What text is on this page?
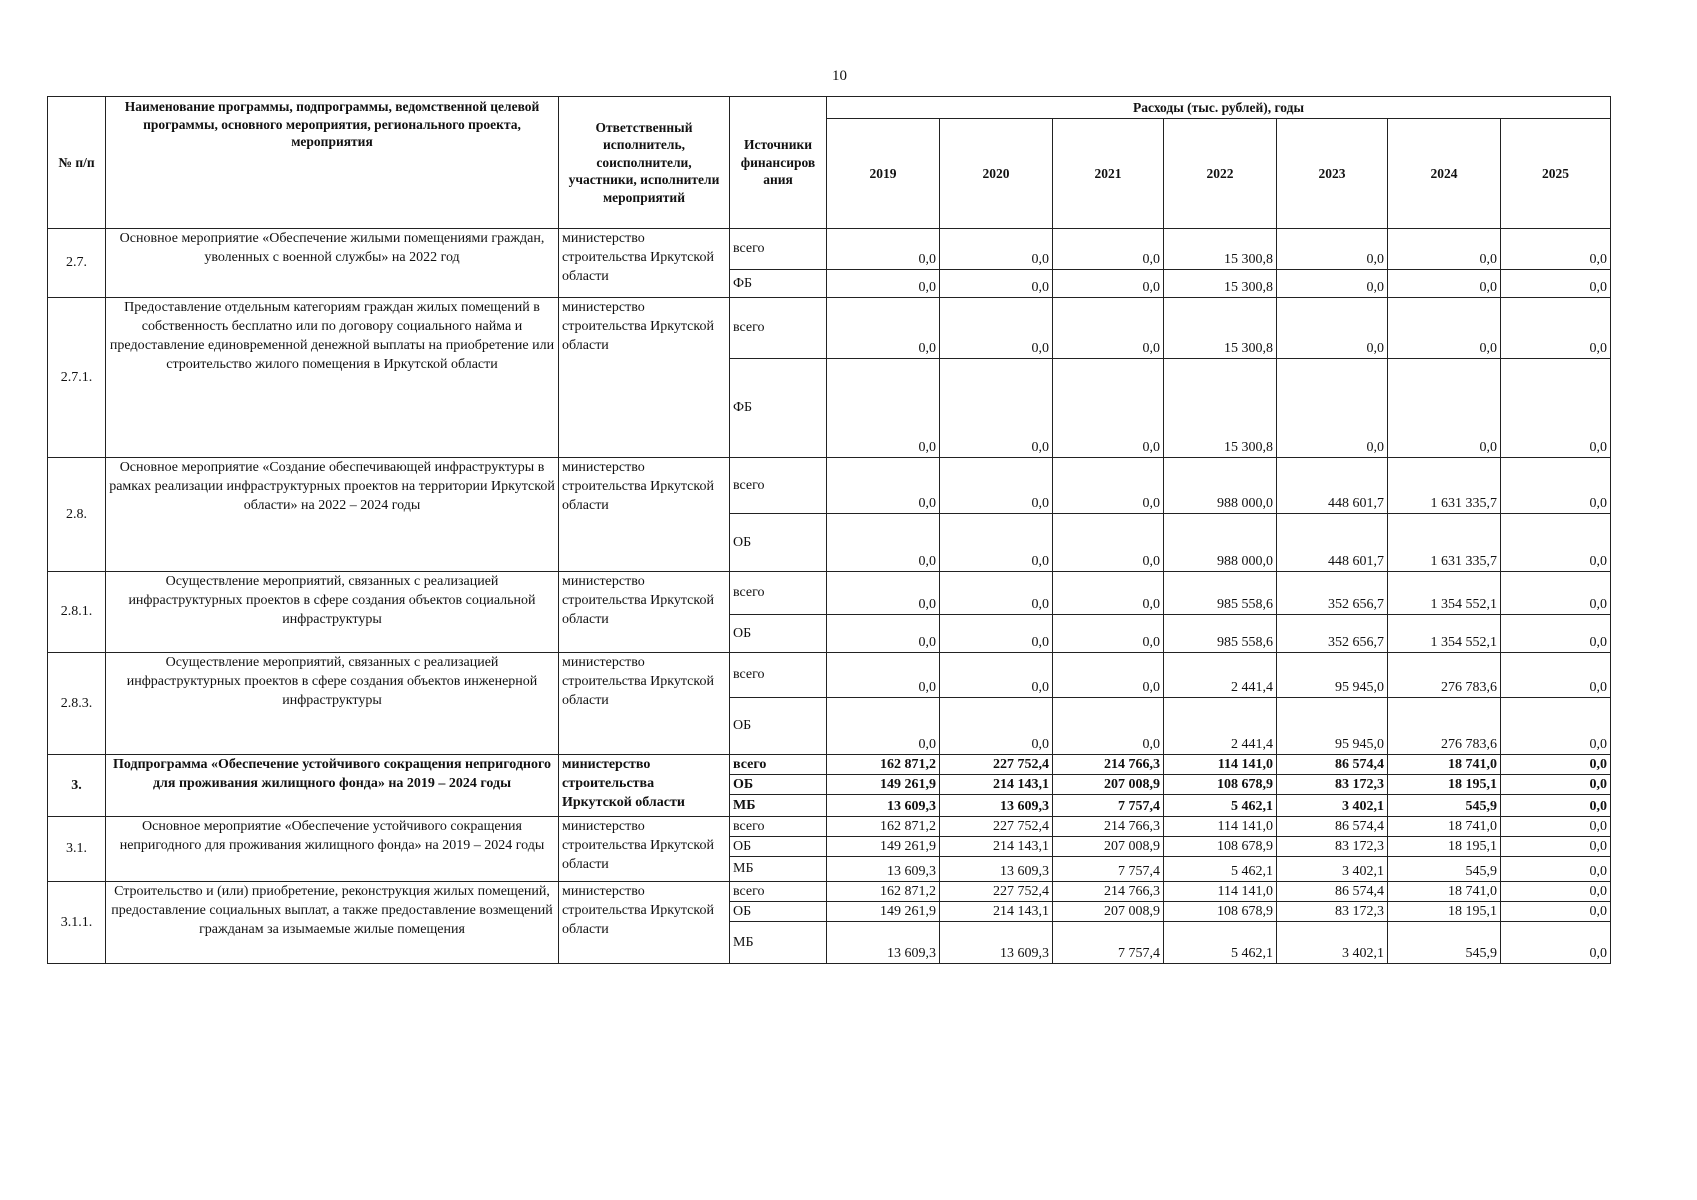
10
№ п/п	Наименование программы, подпрограммы, ведомственной целевой программы, основного мероприятия, регионального проекта, мероприятия	Ответственный исполнитель, соисполнители, участники, исполнители мероприятий	Источники финансиров ания	Расходы (тыс. рублей), годы						
				2019	2020	2021	2022	2023	2024	2025
2.7.	Основное мероприятие «Обеспечение жилыми помещениями граждан, уволенных с военной службы» на 2022 год	министерство строительства Иркутской области	всего	0,0	0,0	0,0	15 300,8	0,0	0,0	0,0
			ФБ	0,0	0,0	0,0	15 300,8	0,0	0,0	0,0
2.7.1.	Предоставление отдельным категориям граждан жилых помещений в собственность бесплатно или по договору социального найма и предоставление единовременной денежной выплаты на приобретение или строительство жилого помещения в Иркутской области	министерство строительства Иркутской области	всего	0,0	0,0	0,0	15 300,8	0,0	0,0	0,0
			ФБ	0,0	0,0	0,0	15 300,8	0,0	0,0	0,0
2.8.	Основное мероприятие «Создание обеспечивающей инфраструктуры в рамках реализации инфраструктурных проектов на территории Иркутской области» на 2022 – 2024 годы	министерство строительства Иркутской области	всего	0,0	0,0	0,0	988 000,0	448 601,7	1 631 335,7	0,0
			ОБ	0,0	0,0	0,0	988 000,0	448 601,7	1 631 335,7	0,0
2.8.1.	Осуществление мероприятий, связанных с реализацией инфраструктурных проектов в сфере создания объектов социальной инфраструктуры	министерство строительства Иркутской области	всего	0,0	0,0	0,0	985 558,6	352 656,7	1 354 552,1	0,0
			ОБ	0,0	0,0	0,0	985 558,6	352 656,7	1 354 552,1	0,0
2.8.3.	Осуществление мероприятий, связанных с реализацией инфраструктурных проектов в сфере создания объектов инженерной инфраструктуры	министерство строительства Иркутской области	всего	0,0	0,0	0,0	2 441,4	95 945,0	276 783,6	0,0
			ОБ	0,0	0,0	0,0	2 441,4	95 945,0	276 783,6	0,0
3.	Подпрограмма «Обеспечение устойчивого сокращения непригодного для проживания жилищного фонда» на 2019 – 2024 годы	министерство строительства Иркутской области	всего	162 871,2	227 752,4	214 766,3	114 141,0	86 574,4	18 741,0	0,0
			ОБ	149 261,9	214 143,1	207 008,9	108 678,9	83 172,3	18 195,1	0,0
			МБ	13 609,3	13 609,3	7 757,4	5 462,1	3 402,1	545,9	0,0
3.1.	Основное мероприятие «Обеспечение устойчивого сокращения непригодного для проживания жилищного фонда» на 2019 – 2024 годы	министерство строительства Иркутской области	всего	162 871,2	227 752,4	214 766,3	114 141,0	86 574,4	18 741,0	0,0
			ОБ	149 261,9	214 143,1	207 008,9	108 678,9	83 172,3	18 195,1	0,0
			МБ	13 609,3	13 609,3	7 757,4	5 462,1	3 402,1	545,9	0,0
3.1.1.	Строительство и (или) приобретение, реконструкция жилых помещений, предоставление социальных выплат, а также предоставление возмещений гражданам за изымаемые жилые помещения	министерство строительства Иркутской области	всего	162 871,2	227 752,4	214 766,3	114 141,0	86 574,4	18 741,0	0,0
			ОБ	149 261,9	214 143,1	207 008,9	108 678,9	83 172,3	18 195,1	0,0
			МБ	13 609,3	13 609,3	7 757,4	5 462,1	3 402,1	545,9	0,0
